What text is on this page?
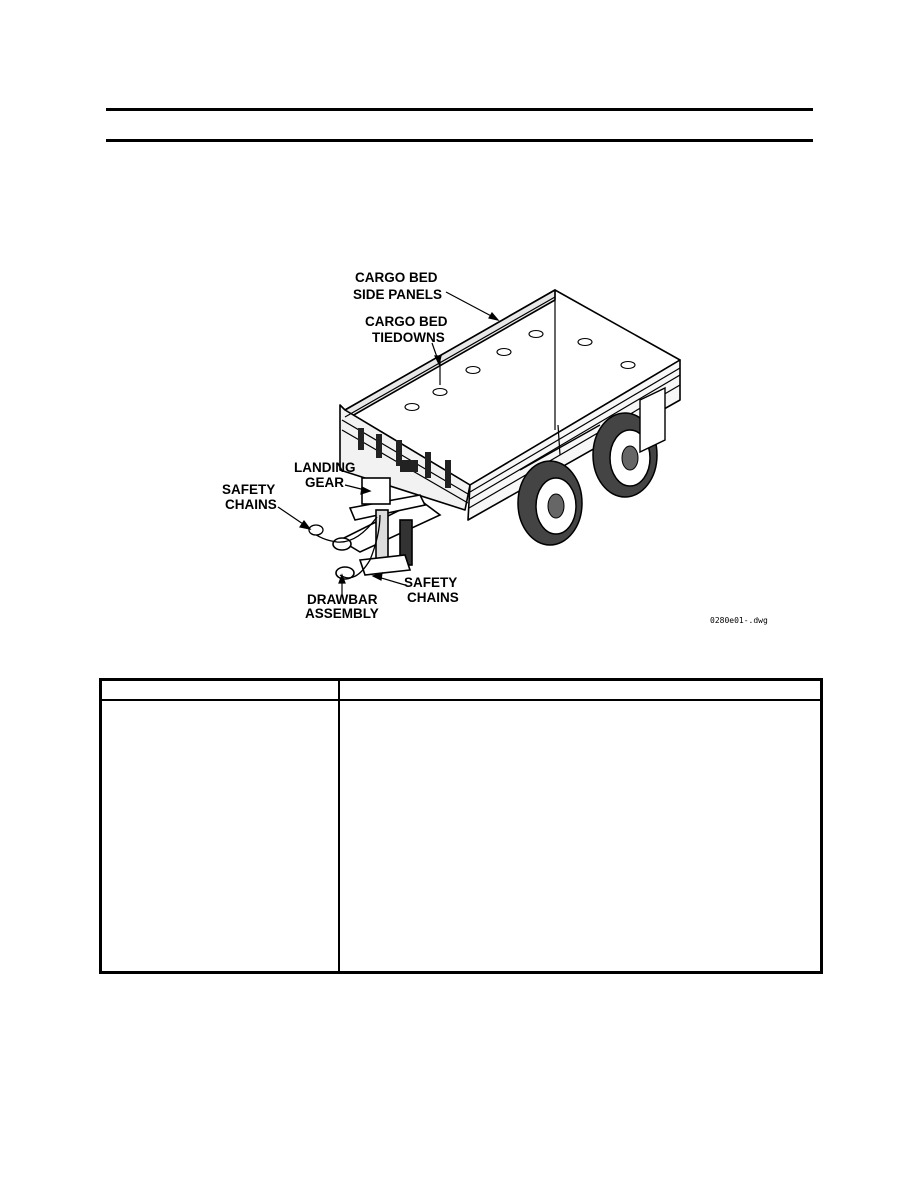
CARGO BED
SIDE PANELS
CARGO BED
TIEDOWNS
LANDING
GEAR
SAFETY
CHAINS
SAFETY
CHAINS
DRAWBAR
ASSEMBLY	0280e01-.dwg
